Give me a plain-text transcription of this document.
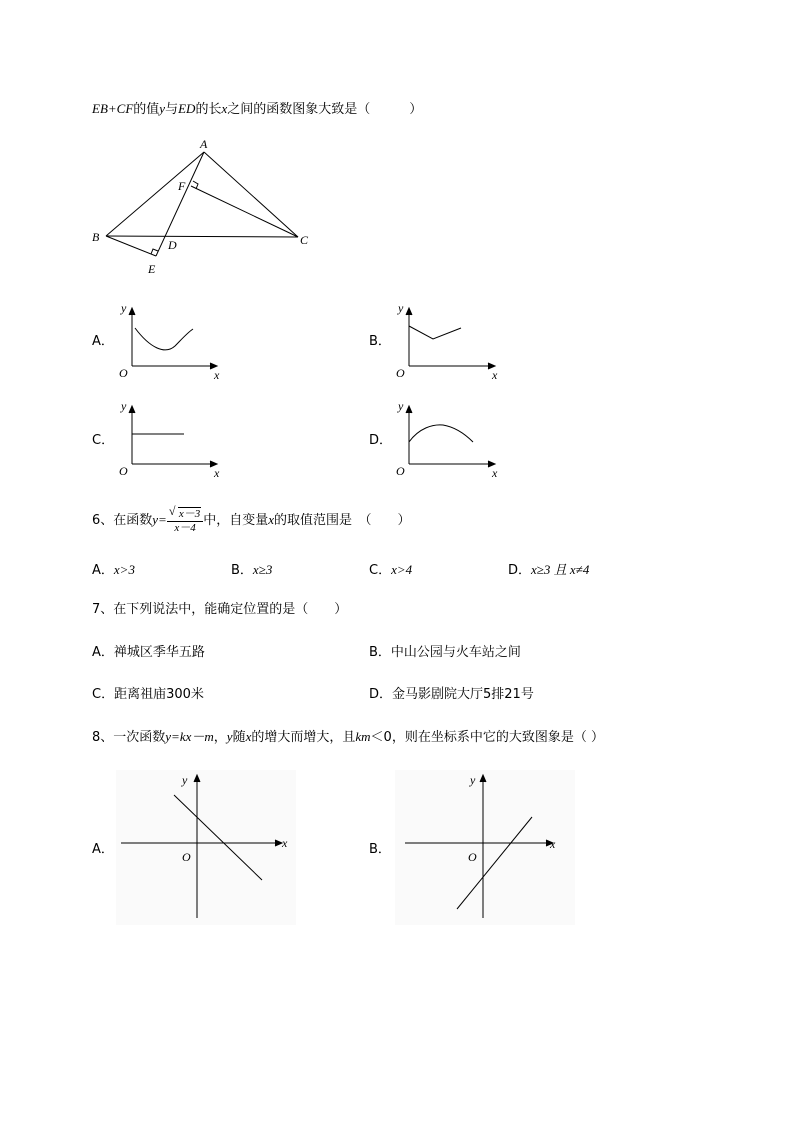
EB+CF的值y与ED的长x之间的函数图象大致是（　　　）
A
B	C
D
E
F
A．	B．
C．	D．
y
O	x
y
O	x
y
O	x
y
O	x
6、在函数y=
√ $\frac{x-3}{x-4}$ 中，自变量x的取值范围是　（　　）
A．x>3	B．x≥3	C．x>4	D．x≥3 且 x≠4
7、在下列说法中，能确定位置的是（　　）
A．禅城区季华五路	B．中山公园与火车站之间
C．距离祖庙300米	D．金马影剧院大厅5排21号
8、一次函数y=kx－m，y随x的增大而增大，且km＜0，则在坐标系中它的大致图象是（ ）
A．	B．
y
x
O
y
x
O
